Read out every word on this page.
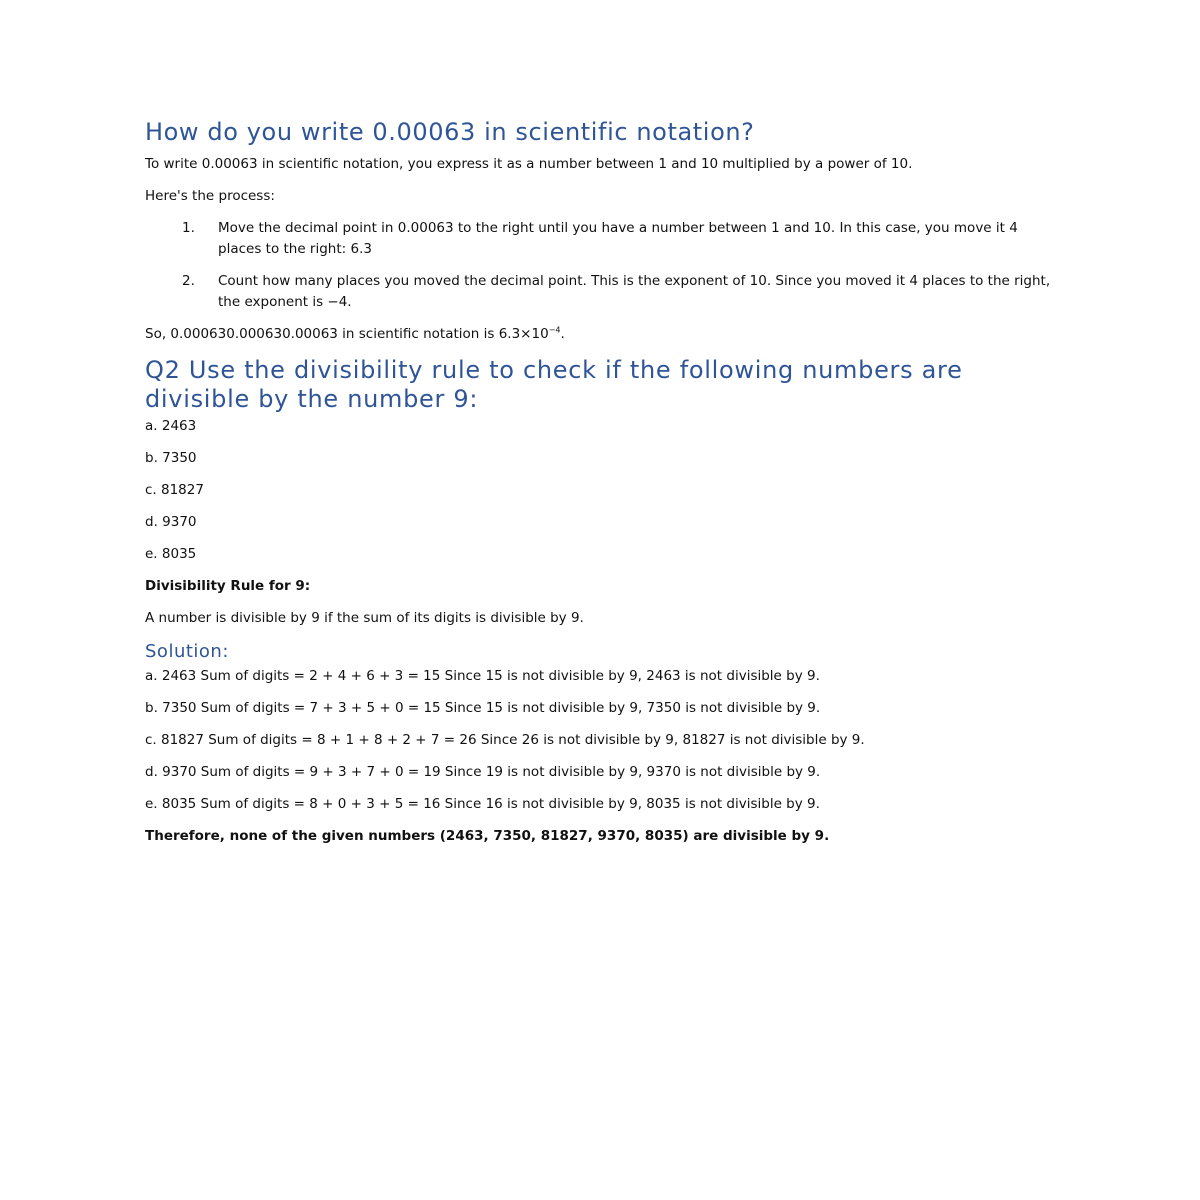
How do you write 0.00063 in scientific notation?

To write 0.00063 in scientific notation, you express it as a number between 1 and 10 multiplied by a power of 10.

Here's the process:

1. Move the decimal point in 0.00063 to the right until you have a number between 1 and 10. In this case, you move it 4 places to the right: 6.3
2. Count how many places you moved the decimal point. This is the exponent of 10. Since you moved it 4 places to the right, the exponent is −4.

So, 0.000630.000630.00063 in scientific notation is $6.3\times 10^{-4}$.

Q2 Use the divisibility rule to check if the following numbers are divisible by the number 9:

a. 2463

b. 7350

c. 81827

d. 9370

e. 8035

Divisibility Rule for 9:

A number is divisible by 9 if the sum of its digits is divisible by 9.

Solution:

a. 2463 Sum of digits = 2 + 4 + 6 + 3 = 15 Since 15 is not divisible by 9, 2463 is not divisible by 9.

b. 7350 Sum of digits = 7 + 3 + 5 + 0 = 15 Since 15 is not divisible by 9, 7350 is not divisible by 9.

c. 81827 Sum of digits = 8 + 1 + 8 + 2 + 7 = 26 Since 26 is not divisible by 9, 81827 is not divisible by 9.

d. 9370 Sum of digits = 9 + 3 + 7 + 0 = 19 Since 19 is not divisible by 9, 9370 is not divisible by 9.

e. 8035 Sum of digits = 8 + 0 + 3 + 5 = 16 Since 16 is not divisible by 9, 8035 is not divisible by 9.

Therefore, none of the given numbers (2463, 7350, 81827, 9370, 8035) are divisible by 9.
